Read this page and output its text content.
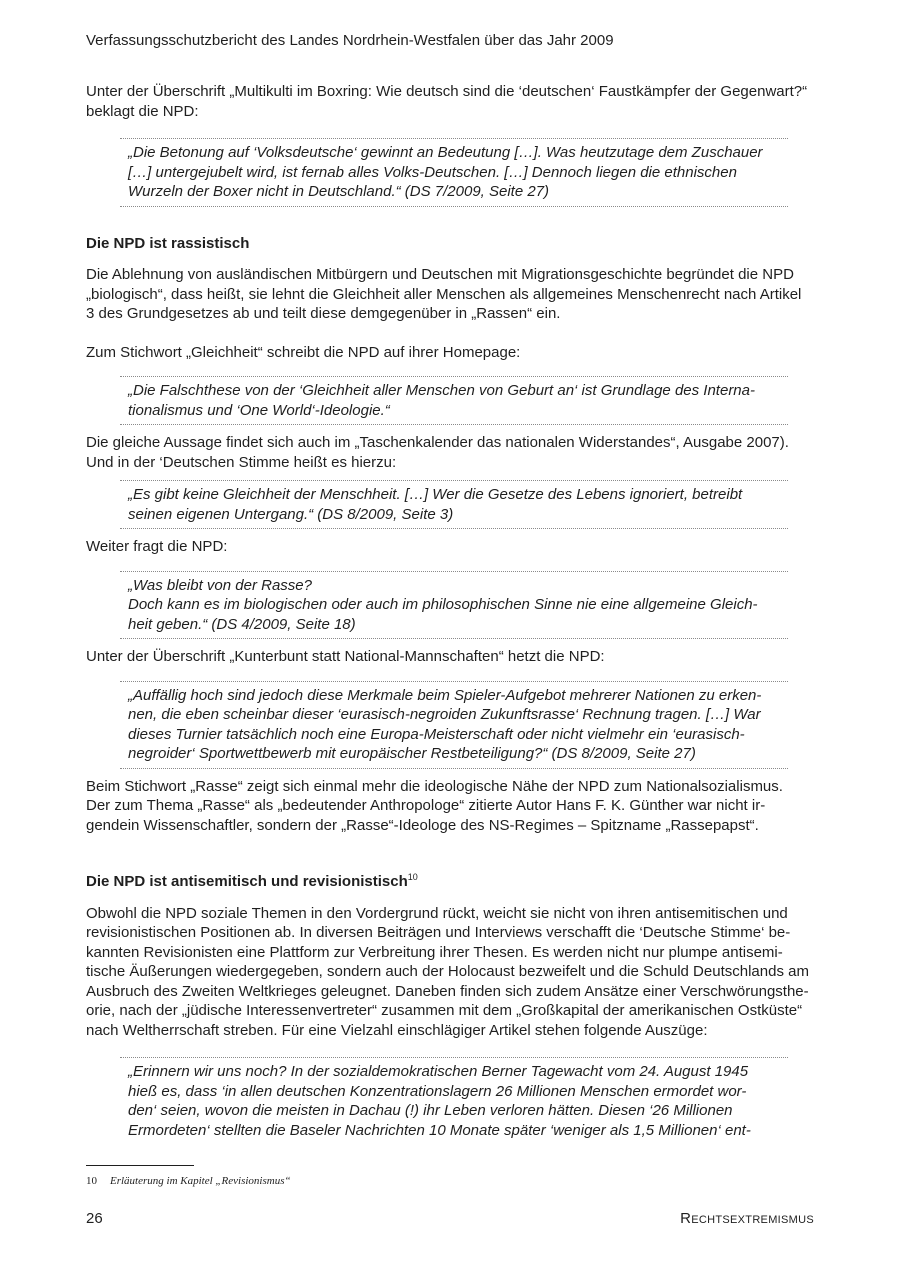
Verfassungsschutzbericht des Landes Nordrhein-Westfalen über das Jahr 2009

Unter der Überschrift „Multikulti im Boxring: Wie deutsch sind die ‘deutschen‘ Faustkämpfer der Gegenwart?“
beklagt die NPD:

„Die Betonung auf ‘Volksdeutsche‘ gewinnt an Bedeutung […]. Was heutzutage dem Zuschauer
[…] untergejubelt wird, ist fernab alles Volks-Deutschen. […] Dennoch liegen die ethnischen
Wurzeln der Boxer nicht in Deutschland.“ (DS 7/2009, Seite 27)
Die NPD ist rassistisch

Die Ablehnung von ausländischen Mitbürgern und Deutschen mit Migrationsgeschichte begründet die NPD
„biologisch“, dass heißt, sie lehnt die Gleichheit aller Menschen als allgemeines Menschenrecht nach Artikel
3 des Grundgesetzes ab und teilt diese demgegenüber in „Rassen“ ein.

Zum Stichwort „Gleichheit“ schreibt die NPD auf ihrer Homepage:

„Die Falschthese von der ‘Gleichheit aller Menschen von Geburt an‘ ist Grundlage des Interna-
tionalismus und ‘One World‘-Ideologie.“

Die gleiche Aussage findet sich auch im „Taschenkalender das nationalen Widerstandes“, Ausgabe 2007).
Und in der ‘Deutschen Stimme heißt es hierzu:

„Es gibt keine Gleichheit der Menschheit. […] Wer die Gesetze des Lebens ignoriert, betreibt
seinen eigenen Untergang.“ (DS 8/2009, Seite 3)

Weiter fragt die NPD:

„Was bleibt von der Rasse?
Doch kann es im biologischen oder auch im philosophischen Sinne nie eine allgemeine Gleich-
heit geben.“ (DS 4/2009, Seite 18)

Unter der Überschrift „Kunterbunt statt National-Mannschaften“ hetzt die NPD:

„Auffällig hoch sind jedoch diese Merkmale beim Spieler-Aufgebot mehrerer Nationen zu erken-
nen, die eben scheinbar dieser ‘eurasisch-negroiden Zukunftsrasse‘ Rechnung tragen. […] War
dieses Turnier tatsächlich noch eine Europa-Meisterschaft oder nicht vielmehr ein ‘eurasisch-
negroider‘ Sportwettbewerb mit europäischer Restbeteiligung?“ (DS 8/2009, Seite 27)

Beim Stichwort „Rasse“ zeigt sich einmal mehr die ideologische Nähe der NPD zum Nationalsozialismus.
Der zum Thema „Rasse“ als „bedeutender Anthropologe“ zitierte Autor Hans F. K. Günther war nicht ir-
gendein Wissenschaftler, sondern der „Rasse“-Ideologe des NS-Regimes – Spitzname „Rassepapst“.

Die NPD ist antisemitisch und revisionistisch$^{10}$

Obwohl die NPD soziale Themen in den Vordergrund rückt, weicht sie nicht von ihren antisemitischen und
revisionistischen Positionen ab. In diversen Beiträgen und Interviews verschafft die ‘Deutsche Stimme‘ be-
kannten Revisionisten eine Plattform zur Verbreitung ihrer Thesen. Es werden nicht nur plumpe antisemi-
tische Äußerungen wiedergegeben, sondern auch der Holocaust bezweifelt und die Schuld Deutschlands am
Ausbruch des Zweiten Weltkrieges geleugnet. Daneben finden sich zudem Ansätze einer Verschwörungsthe-
orie, nach der „jüdische Interessenvertreter“ zusammen mit dem „Großkapital der amerikanischen Ostküste“
nach Weltherrschaft streben. Für eine Vielzahl einschlägiger Artikel stehen folgende Auszüge:

„Erinnern wir uns noch? In der sozialdemokratischen Berner Tagewacht vom 24. August 1945
hieß es, dass ‘in allen deutschen Konzentrationslagern 26 Millionen Menschen ermordet wor-
den‘ seien, wovon die meisten in Dachau (!) ihr Leben verloren hätten. Diesen ‘26 Millionen
Ermordeten‘ stellten die Baseler Nachrichten 10 Monate später ‘weniger als 1,5 Millionen‘ ent-
10 Erläuterung im Kapitel „Revisionismus“
26	Rechtsextremismus
